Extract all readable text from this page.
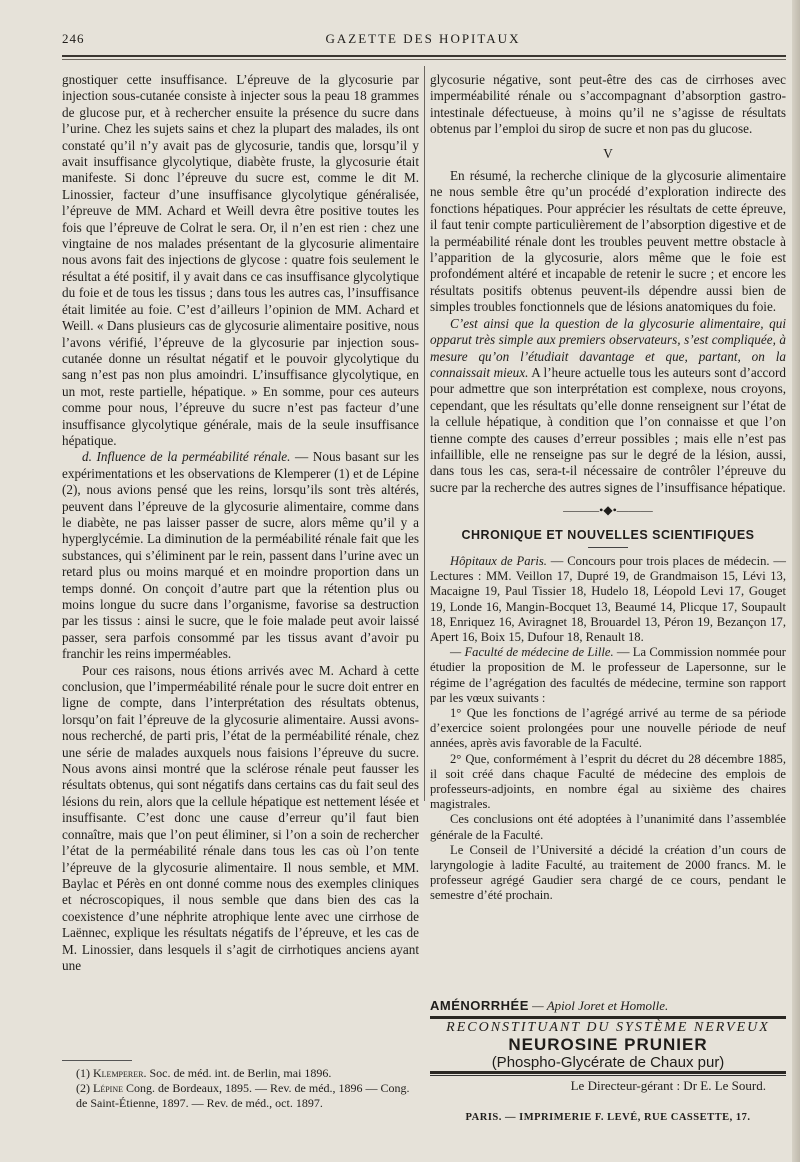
246	GAZETTE DES HOPITAUX

gnostiquer cette insuffisance. L’épreuve de la glycosurie par injection sous-cutanée consiste à injecter sous la peau 18 grammes de glucose pur, et à rechercher ensuite la présence du sucre dans l’urine. Chez les sujets sains et chez la plupart des malades, ils ont constaté qu’il n’y avait pas de glycosurie, tandis que, lorsqu’il y avait insuffisance glycolytique, diabète fruste, la glycosurie était manifeste. Si donc l’épreuve du sucre est, comme le dit M. Linossier, facteur d’une insuffisance glycolytique généralisée, l’épreuve de MM. Achard et Weill devra être positive toutes les fois que l’épreuve de Colrat le sera. Or, il n’en est rien : chez une vingtaine de nos malades présentant de la glycosurie alimentaire nous avons fait des injections de glycose : quatre fois seulement le résultat a été positif, il y avait dans ce cas insuffisance glycolytique du foie et de tous les tissus ; dans tous les autres cas, l’insuffisance était limitée au foie. C’est d’ailleurs l’opinion de MM. Achard et Weill. « Dans plusieurs cas de glycosurie alimentaire positive, nous l’avons vérifié, l’épreuve de la glycosurie par injection sous-cutanée donne un résultat négatif et le pouvoir glycolytique du sang n’est pas non plus amoindri. L’insuffisance glycolytique, en un mot, reste partielle, hépatique. » En somme, pour ces auteurs comme pour nous, l’épreuve du sucre n’est pas facteur d’une insuffisance glycolytique générale, mais de la seule insuffisance hépatique.

d. Influence de la perméabilité rénale. — Nous basant sur les expérimentations et les observations de Klemperer (1) et de Lépine (2), nous avions pensé que les reins, lorsqu’ils sont très altérés, peuvent dans l’épreuve de la glycosurie alimentaire, comme dans le diabète, ne pas laisser passer de sucre, alors même qu’il y a hyperglycémie. La diminution de la perméabilité rénale fait que les substances, qui s’éliminent par le rein, passent dans l’urine avec un retard plus ou moins marqué et en moindre proportion dans un temps donné. On conçoit d’autre part que la rétention plus ou moins longue du sucre dans l’organisme, favorise sa destruction par les tissus : ainsi le sucre, que le foie malade peut avoir laissé passer, sera parfois consommé par les tissus avant d’avoir pu franchir les reins imperméables.

Pour ces raisons, nous étions arrivés avec M. Achard à cette conclusion, que l’imperméabilité rénale pour le sucre doit entrer en ligne de compte, dans l’interprétation des résultats obtenus, lorsqu’on fait l’épreuve de la glycosurie alimentaire. Aussi avons-nous recherché, de parti pris, l’état de la perméabilité rénale, chez une série de malades auxquels nous faisions l’épreuve du sucre. Nous avons ainsi montré que la sclérose rénale peut fausser les résultats obtenus, qui sont négatifs dans certains cas du fait seul des lésions du rein, alors que la cellule hépatique est nettement lésée et insuffisante. C’est donc une cause d’erreur qu’il faut bien connaître, mais que l’on peut éliminer, si l’on a soin de rechercher l’état de la perméabilité rénale dans tous les cas où l’on tente l’épreuve de la glycosurie alimentaire. Il nous semble, et MM. Baylac et Pérès en ont donné comme nous des exemples cliniques et nécroscopiques, il nous semble que dans bien des cas la coexistence d’une néphrite atrophique lente avec une cirrhose de Laënnec, explique les résultats négatifs de l’épreuve, et les cas de M. Linossier, dans lesquels il s’agit de cirrhotiques anciens ayant une

(1) Klemperer. Soc. de méd. int. de Berlin, mai 1896.

(2) Lépine Cong. de Bordeaux, 1895. — Rev. de méd., 1896 — Cong. de Saint-Étienne, 1897. — Rev. de méd., oct. 1897.

glycosurie négative, sont peut-être des cas de cirrhoses avec imperméabilité rénale ou s’accompagnant d’absorption gastro-intestinale défectueuse, à moins qu’il ne s’agisse de résultats obtenus par l’emploi du sirop de sucre et non pas du glucose.

V

En résumé, la recherche clinique de la glycosurie alimentaire ne nous semble être qu’un procédé d’exploration indirecte des fonctions hépatiques. Pour apprécier les résultats de cette épreuve, il faut tenir compte particulièrement de l’absorption digestive et de la perméabilité rénale dont les troubles peuvent mettre obstacle à l’apparition de la glycosurie, alors même que le foie est profondément altéré et incapable de retenir le sucre ; et encore les résultats positifs obtenus peuvent-ils dépendre aussi bien de simples troubles fonctionnels que de lésions anatomiques du foie.

C’est ainsi que la question de la glycosurie alimentaire, qui opparut très simple aux premiers observateurs, s’est compliquée, à mesure qu’on l’étudiait davantage et que, partant, on la connaissait mieux. A l’heure actuelle tous les auteurs sont d’accord pour admettre que son interprétation est complexe, nous croyons, cependant, que les résultats qu’elle donne renseignent sur l’état de la cellule hépatique, à condition que l’on connaisse et que l’on tienne compte des causes d’erreur possibles ; mais elle n’est pas infaillible, elle ne renseigne pas sur le degré de la lésion, aussi, dans tous les cas, sera-t-il nécessaire de contrôler l’épreuve du sucre par la recherche des autres signes de l’insuffisance hépatique.

———•◆•———
CHRONIQUE ET NOUVELLES SCIENTIFIQUES

Hôpitaux de Paris. — Concours pour trois places de médecin. — Lectures : MM. Veillon 17, Dupré 19, de Grandmaison 15, Lévi 13, Macaigne 19, Paul Tissier 18, Hudelo 18, Léopold Levi 17, Gouget 19, Londe 16, Mangin-Bocquet 13, Beaumé 14, Plicque 17, Soupault 18, Enriquez 16, Aviragnet 18, Brouardel 13, Péron 19, Bezançon 17, Apert 16, Boix 15, Dufour 18, Renault 18.

— Faculté de médecine de Lille. — La Commission nommée pour étudier la proposition de M. le professeur de Lapersonne, sur le régime de l’agrégation des facultés de médecine, termine son rapport par les vœux suivants :

1° Que les fonctions de l’agrégé arrivé au terme de sa période d’exercice soient prolongées pour une nouvelle période de neuf années, après avis favorable de la Faculté.

2° Que, conformément à l’esprit du décret du 28 décembre 1885, il soit créé dans chaque Faculté de médecine des emplois de professeurs-adjoints, en nombre égal au sixième des chaires magistrales.

Ces conclusions ont été adoptées à l’unanimité dans l’assemblée générale de la Faculté.

Le Conseil de l’Université a décidé la création d’un cours de laryngologie à ladite Faculté, au traitement de 2000 francs. M. le professeur agrégé Gaudier sera chargé de ce cours, pendant le semestre d’été prochain.

AMÉNORRHÉE — Apiol Joret et Homolle.
RECONSTITUANT DU SYSTÈME NERVEUX
NEUROSINE PRUNIER
(Phospho-Glycérate de Chaux pur)
Le Directeur-gérant : Dr E. Le Sourd.
PARIS. — IMPRIMERIE F. LEVÉ, RUE CASSETTE, 17.
